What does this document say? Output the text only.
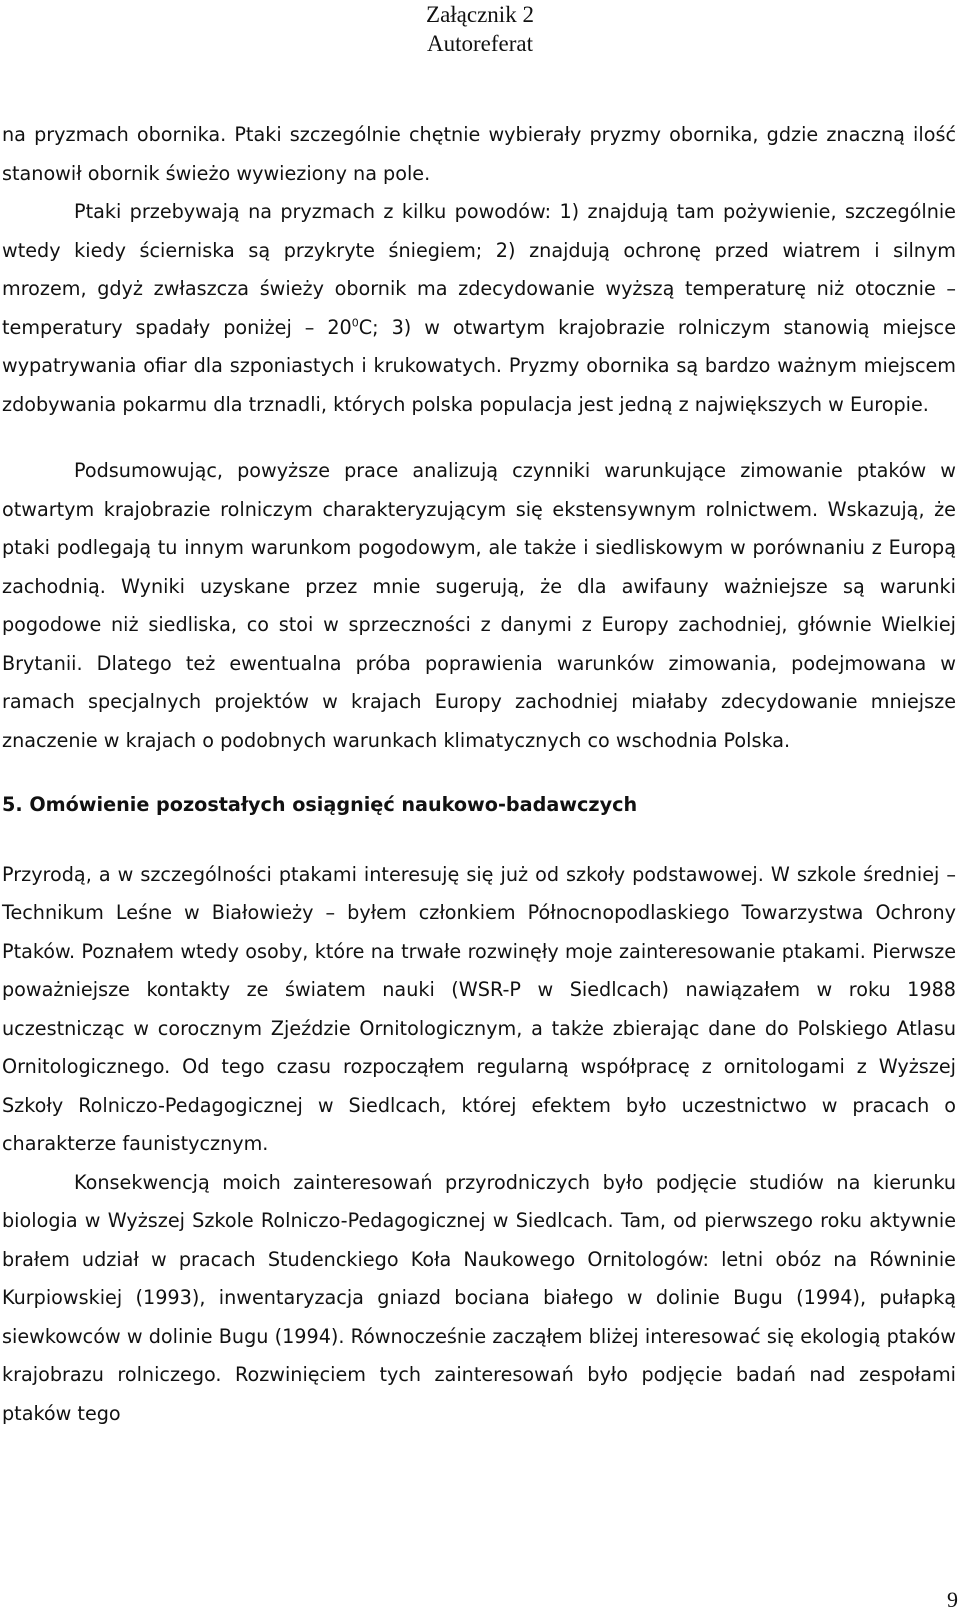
Załącznik 2
Autoreferat

na pryzmach obornika. Ptaki szczególnie chętnie wybierały pryzmy obornika, gdzie znaczną ilość stanowił obornik świeżo wywieziony na pole.

Ptaki przebywają na pryzmach z kilku powodów: 1) znajdują tam pożywienie, szczególnie wtedy kiedy ścierniska są przykryte śniegiem; 2) znajdują ochronę przed wiatrem i silnym mrozem, gdyż zwłaszcza świeży obornik ma zdecydowanie wyższą temperaturę niż otocznie – temperatury spadały poniżej – $20^0C$; 3) w otwartym krajobrazie rolniczym stanowią miejsce wypatrywania ofiar dla szponiastych i krukowatych. Pryzmy obornika są bardzo ważnym miejscem zdobywania pokarmu dla trznadli, których polska populacja jest jedną z największych w Europie.

Podsumowując, powyższe prace analizują czynniki warunkujące zimowanie ptaków w otwartym krajobrazie rolniczym charakteryzującym się ekstensywnym rolnictwem. Wskazują, że ptaki podlegają tu innym warunkom pogodowym, ale także i siedliskowym w porównaniu z Europą zachodnią. Wyniki uzyskane przez mnie sugerują, że dla awifauny ważniejsze są warunki pogodowe niż siedliska, co stoi w sprzeczności z danymi z Europy zachodniej, głównie Wielkiej Brytanii. Dlatego też ewentualna próba poprawienia warunków zimowania, podejmowana w ramach specjalnych projektów w krajach Europy zachodniej miałaby zdecydowanie mniejsze znaczenie w krajach o podobnych warunkach klimatycznych co wschodnia Polska.

5. Omówienie pozostałych osiągnięć naukowo-badawczych

Przyrodą, a w szczególności ptakami interesuję się już od szkoły podstawowej. W szkole średniej – Technikum Leśne w Białowieży – byłem członkiem Północnopodlaskiego Towarzystwa Ochrony Ptaków. Poznałem wtedy osoby, które na trwałe rozwinęły moje zainteresowanie ptakami. Pierwsze poważniejsze kontakty ze światem nauki (WSR-P w Siedlcach) nawiązałem w roku 1988 uczestnicząc w corocznym Zjeździe Ornitologicznym, a także zbierając dane do Polskiego Atlasu Ornitologicznego. Od tego czasu rozpocząłem regularną współpracę z ornitologami z Wyższej Szkoły Rolniczo-Pedagogicznej w Siedlcach, której efektem było uczestnictwo w pracach o charakterze faunistycznym.

Konsekwencją moich zainteresowań przyrodniczych było podjęcie studiów na kierunku biologia w Wyższej Szkole Rolniczo-Pedagogicznej w Siedlcach. Tam, od pierwszego roku aktywnie brałem udział w pracach Studenckiego Koła Naukowego Ornitologów: letni obóz na Równinie Kurpiowskiej (1993), inwentaryzacja gniazd bociana białego w dolinie Bugu (1994), pułapką siewkowców w dolinie Bugu (1994). Równocześnie zacząłem bliżej interesować się ekologią ptaków krajobrazu rolniczego. Rozwinięciem tych zainteresowań było podjęcie badań nad zespołami ptaków tego

9
